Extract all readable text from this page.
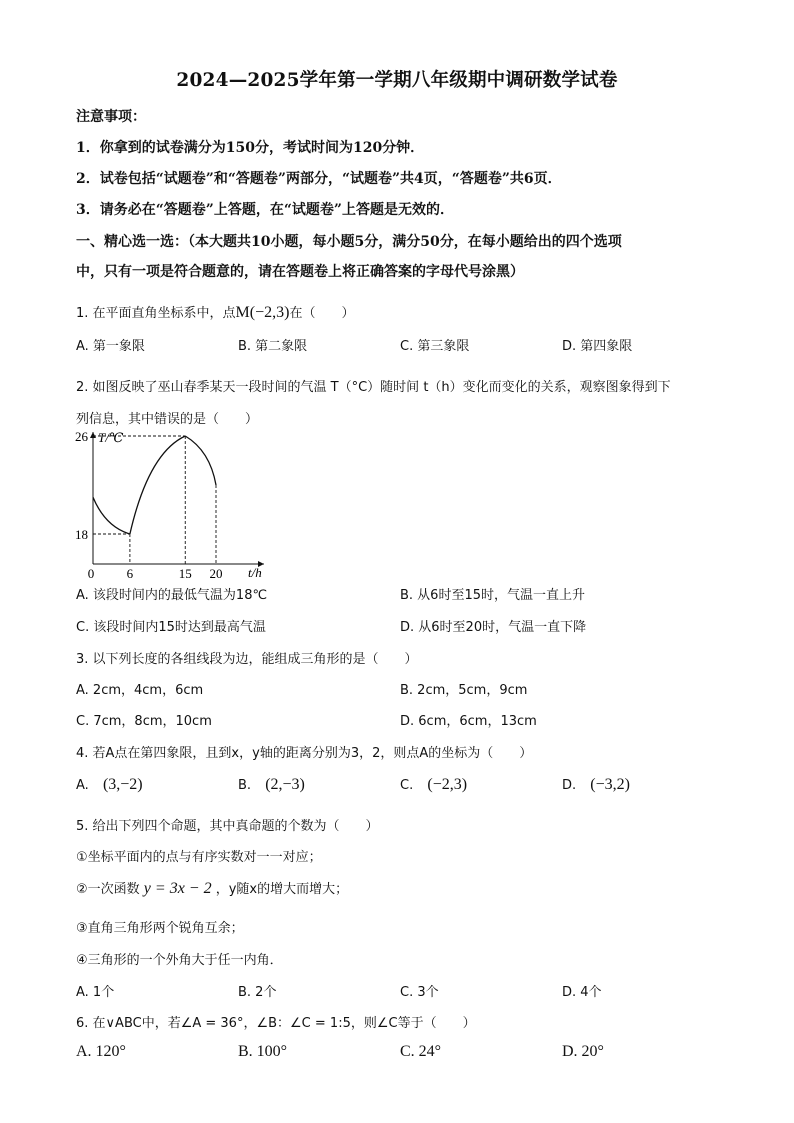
2024—2025学年第一学期八年级期中调研数学试卷
注意事项：
1．你拿到的试卷满分为150分，考试时间为120分钟．
2．试卷包括“试题卷”和“答题卷”两部分，“试题卷”共4页，“答题卷”共6页．
3．请务必在“答题卷”上答题，在“试题卷”上答题是无效的．
一、精心选一选：（本大题共10小题，每小题5分，满分50分，在每小题给出的四个选项
中，只有一项是符合题意的，请在答题卷上将正确答案的字母代号涂黑）
1. 在平面直角坐标系中，点M(−2,3)在（　　）
A. 第一象限	B. 第二象限	C. 第三象限	D. 第四象限
2. 如图反映了巫山春季某天一段时间的气温 T（°C）随时间 t（h）变化而变化的关系，观察图象得到下
列信息，其中错误的是（　　）
T/℃
t/h
26
18
0 6	15 20
A. 该段时间内的最低气温为18℃	B. 从6时至15时，气温一直上升
C. 该段时间内15时达到最高气温	D. 从6时至20时，气温一直下降
3. 以下列长度的各组线段为边，能组成三角形的是（　　）
A. 2cm，4cm，6cm	B. 2cm，5cm，9cm
C. 7cm，8cm，10cm	D. 6cm，6cm，13cm
4. 若A点在第四象限，且到x，y轴的距离分别为3，2，则点A的坐标为（　　）
A. (3,−2)	B. (2,−3)	C. (−2,3)	D. (−3,2)
5. 给出下列四个命题，其中真命题的个数为（　　）
①坐标平面内的点与有序实数对一一对应；
②一次函数 y = 3x − 2 ，y随x的增大而增大；
③直角三角形两个锐角互余；
④三角形的一个外角大于任一内角．
A. 1个	B. 2个	C. 3个	D. 4个
6. 在∨ABC中，若∠A = 36°，∠B：∠C = 1:5，则∠C等于（　　）
A. 120°	B. 100°	C. 24°	D. 20°
